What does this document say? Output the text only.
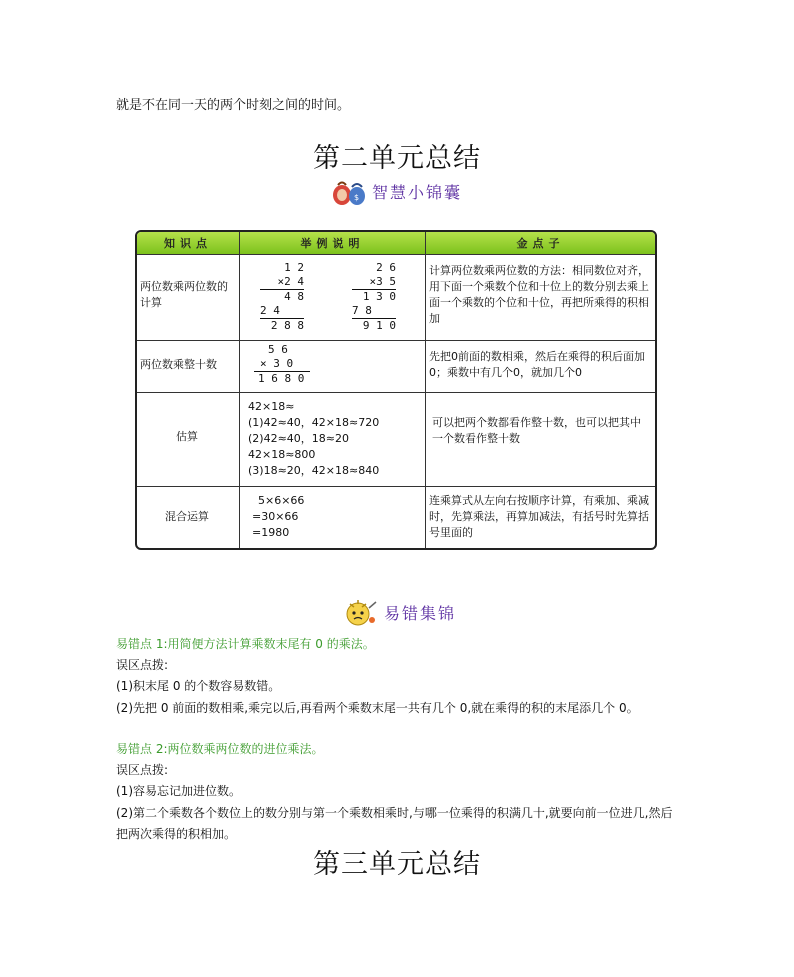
就是不在同一天的两个时刻之间的时间。
第二单元总结
$ 智慧小锦囊
知识点	举例说明	金点子
两位数乘两位数的计算
1 2
×2 4
4 8
2 4
2 8 8
2 6
×3 5
1 3 0
7 8
9 1 0
计算两位数乘两位数的方法：相同数位对齐，用下面一个乘数个位和十位上的数分别去乘上面一个乘数的个位和十位，再把所乘得的积相加
两位数乘整十数
5 6
× 3 0
1 6 8 0
先把0前面的数相乘，然后在乘得的积后面加0；乘数中有几个0，就加几个0
估算
42×18≈
(1)42≈40，42×18≈720
(2)42≈40，18≈20
42×18≈800
(3)18≈20，42×18≈840
可以把两个数都看作整十数，也可以把其中一个数看作整十数
混合运算
5×6×66
=30×66
=1980
连乘算式从左向右按顺序计算，有乘加、乘减时，先算乘法，再算加减法，有括号时先算括号里面的
易错集锦
易错点 1:用简便方法计算乘数末尾有 0 的乘法。
误区点拨:
(1)积末尾 0 的个数容易数错。
(2)先把 0 前面的数相乘,乘完以后,再看两个乘数末尾一共有几个 0,就在乘得的积的末尾添几个 0。
易错点 2:两位数乘两位数的进位乘法。
误区点拨:
(1)容易忘记加进位数。
(2)第二个乘数各个数位上的数分别与第一个乘数相乘时,与哪一位乘得的积满几十,就要向前一位进几,然后把两次乘得的积相加。
第三单元总结
